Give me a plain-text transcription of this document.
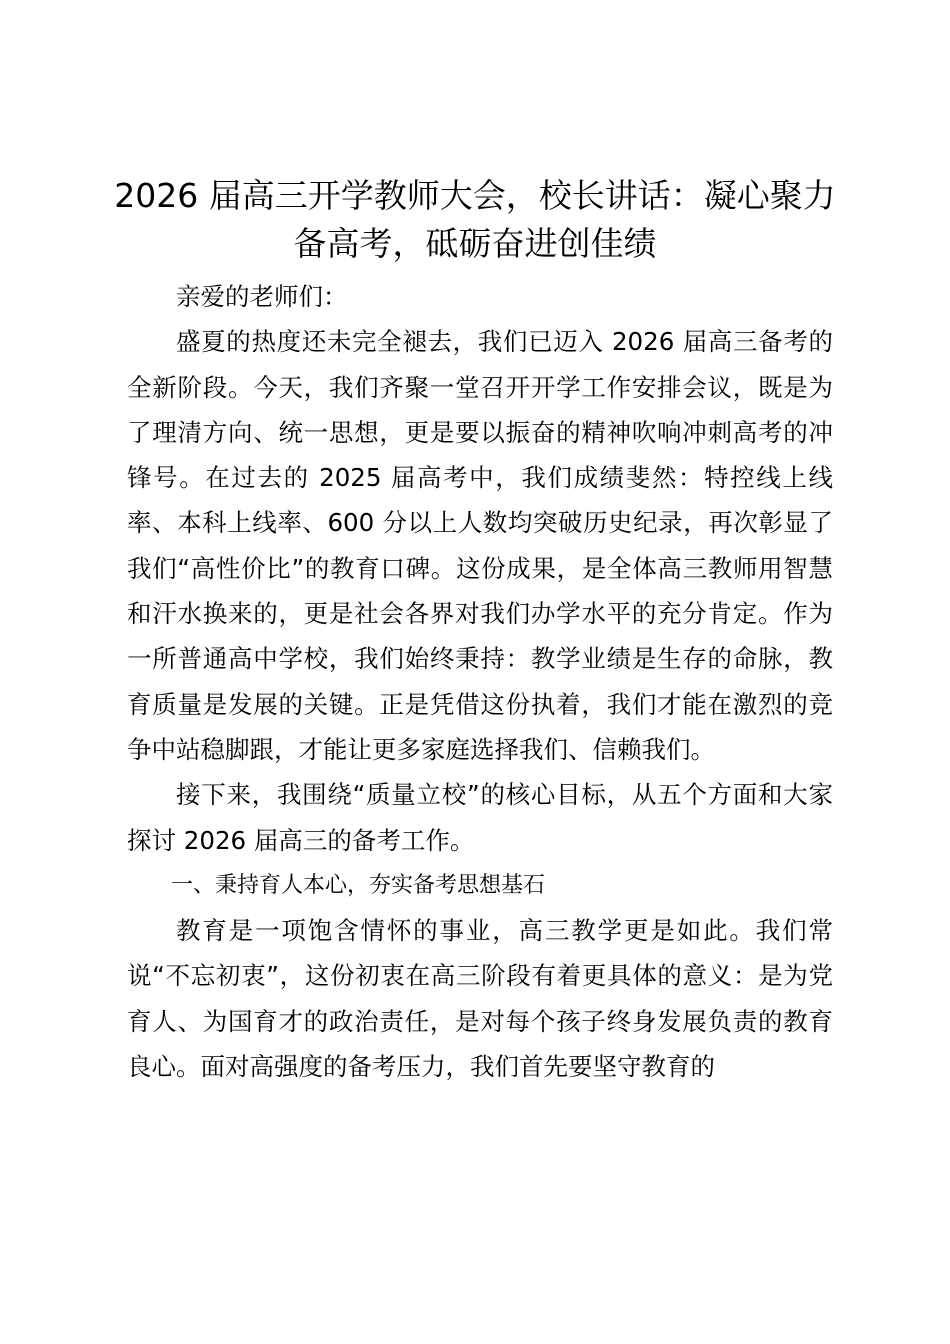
2026 届高三开学教师大会，校长讲话：凝心聚力备高考，砥砺奋进创佳绩

亲爱的老师们：

盛夏的热度还未完全褪去，我们已迈入 2026 届高三备考的全新阶段。今天，我们齐聚一堂召开开学工作安排会议，既是为了理清方向、统一思想，更是要以振奋的精神吹响冲刺高考的冲锋号。在过去的 2025 届高考中，我们成绩斐然：特控线上线率、本科上线率、600 分以上人数均突破历史纪录，再次彰显了我们“高性价比”的教育口碑。这份成果，是全体高三教师用智慧和汗水换来的，更是社会各界对我们办学水平的充分肯定。作为一所普通高中学校，我们始终秉持：教学业绩是生存的命脉，教育质量是发展的关键。正是凭借这份执着，我们才能在激烈的竞争中站稳脚跟，才能让更多家庭选择我们、信赖我们。

接下来，我围绕“质量立校”的核心目标，从五个方面和大家探讨 2026 届高三的备考工作。

一、秉持育人本心，夯实备考思想基石

教育是一项饱含情怀的事业，高三教学更是如此。我们常说“不忘初衷”，这份初衷在高三阶段有着更具体的意义：是为党育人、为国育才的政治责任，是对每个孩子终身发展负责的教育良心。面对高强度的备考压力，我们首先要坚守教育的
